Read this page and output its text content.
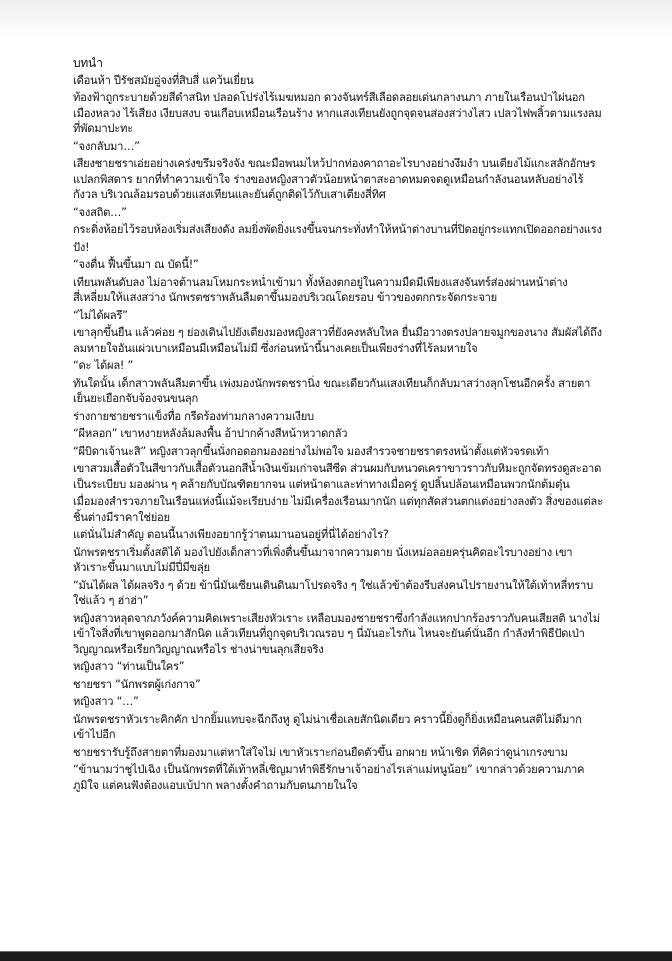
บทนำ

เดือนห้า ปีรัชสมัยอู่จงที่สิบสี่ แคว้นเยี่ยน

ท้องฟ้าถูกระบายด้วยสีดำสนิท ปลอดโปร่งไร้เมฆหมอก ดวงจันทร์สีเลือดลอยเด่นกลางนภา ภายในเรือนป่าไผ่นอกเมืองหลวง ไร้เสียง เงียบสงบ จนเกือบเหมือนเรือนร้าง หากแสงเทียนยังถูกจุดจนส่องสว่างไสว เปลวไฟพลิ้วตามแรงลมที่พัดมาปะทะ

“จงกลับมา…”

เสียงชายชราเอ่ยอย่างเคร่งขรึมจริงจัง ขณะมือพนมไหว้ปากท่องคาถาอะไรบางอย่างงึมงำ บนเตียงไม้แกะสลักอักษรแปลกพิสดาร ยากที่ทำความเข้าใจ ร่างของหญิงสาวตัวน้อยหน้าตาสะอาดหมดจดดูเหมือนกำลังนอนหลับอย่างไร้กังวล บริเวณล้อมรอบด้วยแสงเทียนและยันต์ถูกติดไว้กับเสาเตียงสี่ทิศ

“จงสถิต…”

กระดิ่งห้อยไว้รอบห้องเริ่มส่งเสียงดัง ลมยิ่งพัดยิ่งแรงขึ้นจนกระทั่งทำให้หน้าต่างบานที่ปิดอยู่กระแทกเปิดออกอย่างแรง

ปัง!

“จงตื่น ฟื้นขึ้นมา ณ บัดนี้!”

เทียนพลันดับลง ไม่อาจต้านลมโหมกระหน่ำเข้ามา ทั้งห้องตกอยู่ในความมืดมีเพียงแสงจันทร์ส่องผ่านหน้าต่างสี่เหลี่ยมให้แสงสว่าง นักพรตชราพลันลืมตาขึ้นมองบริเวณโดยรอบ ข้าวของตกกระจัดกระจาย

“ไม่ได้ผลรึ”

เขาลุกขึ้นยืน แล้วค่อย ๆ ย่องเดินไปยังเตียงมองหญิงสาวที่ยังคงหลับใหล ยื่นมือวางตรงปลายจมูกของนาง สัมผัสได้ถึงลมหายใจอันแผ่วเบาเหมือนมีเหมือนไม่มี ซึ่งก่อนหน้านี้นางเคยเป็นเพียงร่างที่ไร้ลมหายใจ

“ดะ ได้ผล! ”

ทันใดนั้น เด็กสาวพลันลืมตาขึ้น เพ่งมองนักพรตชรานิ่ง ขณะเดียวกันแสงเทียนก็กลับมาสว่างลุกโชนอีกครั้ง สายตาเย็นยะเยือกจับจ้องจนขนลุก

ร่างกายชายชราแข็งทื่อ กรีดร้องท่ามกลางความเงียบ

“ผีหลอก” เขาหงายหลังล้มลงพื้น อ้าปากค้างสีหน้าหวาดกลัว

“ผีบิดาเจ้านะสิ” หญิงสาวลุกขึ้นนั่งกอดอกมองอย่างไม่พอใจ มองสำรวจชายชราตรงหน้าตั้งแต่หัวจรดเท้า

เขาสวมเสื้อตัวในสีขาวกับเสื้อตัวนอกสีน้ำเงินเข้มเก่าจนสีซีด ส่วนผมกับหนวดเคราขาวราวกับหิมะถูกจัดทรงดูสะอาดเป็นระเบียบ มองผ่าน ๆ คล้ายกับบัณฑิตยากจน แต่หน้าตาและท่าทางเมื่อครู่ ดูปลิ้นปล้อนเหมือนพวกนักต้มตุ๋น

เมื่อมองสำรวจภายในเรือนแห่งนี้แม้จะเรียบง่าย ไม่มีเครื่องเรือนมากนัก แต่ทุกสัดส่วนตกแต่งอย่างลงตัว สิ่งของแต่ละชิ้นต่างมีราคาใช่ย่อย

แต่นั่นไม่สำคัญ ตอนนี้นางเพียงอยากรู้ว่าตนมานอนอยู่ที่นี่ได้อย่างไร?

นักพรตชราเริ่มตั้งสติได้ มองไปยังเด็กสาวที่เพิ่งตื่นขึ้นมาจากความตาย นั่งเหม่อลอยครุ่นคิดอะไรบางอย่าง เขาหัวเราะขึ้นมาแบบไม่มีปี่มีขลุ่ย

“มันได้ผล ได้ผลจริง ๆ ด้วย ข้านี่มันเซียนเดินดินมาโปรดจริง ๆ ใช่แล้วข้าต้องรีบส่งคนไปรายงานให้ใต้เท้าหลี่ทราบ ใช่แล้ว ๆ ฮ่าฮ่า”

หญิงสาวหลุดจากภวังค์ความคิดเพราะเสียงหัวเราะ เหลือบมองชายชราซึ่งกำลังแหกปากร้องราวกับคนเสียสติ นางไม่เข้าใจสิ่งที่เขาพูดออกมาสักนิด แล้วเทียนที่ถูกจุดบริเวณรอบ ๆ นี่มันอะไรกัน ไหนจะยันต์นั่นอีก กำลังทำพิธีปัดเป่าวิญญาณหรือเรียกวิญญาณหรือไร ช่างน่าขนลุกเสียจริง

หญิงสาว “ท่านเป็นใคร”

ชายชรา “นักพรตผู้เก่งกาจ”

หญิงสาว “…”

นักพรตชราหัวเราะคิกคัก ปากยิ้มแทบจะฉีกถึงหู ดูไม่น่าเชื่อเลยสักนิดเดียว คราวนี้ยิ่งดูก็ยิ่งเหมือนคนสติไม่ดีมากเข้าไปอีก

ชายชรารับรู้ถึงสายตาที่มองมาแต่หาใส่ใจไม่ เขาหัวเราะก่อนยืดตัวขึ้น อกผาย หน้าเชิด ที่คิดว่าดูน่าเกรงขาม

“ข้านามว่าชูไป่เฉิง เป็นนักพรตที่ใต้เท้าหลี่เชิญมาทำพิธีรักษาเจ้าอย่างไรเล่าแม่หนูน้อย” เขากล่าวด้วยความภาคภูมิใจ แต่คนฟังต้องแอบเบ้ปาก พลางตั้งคำถามกับตนภายในใจ
